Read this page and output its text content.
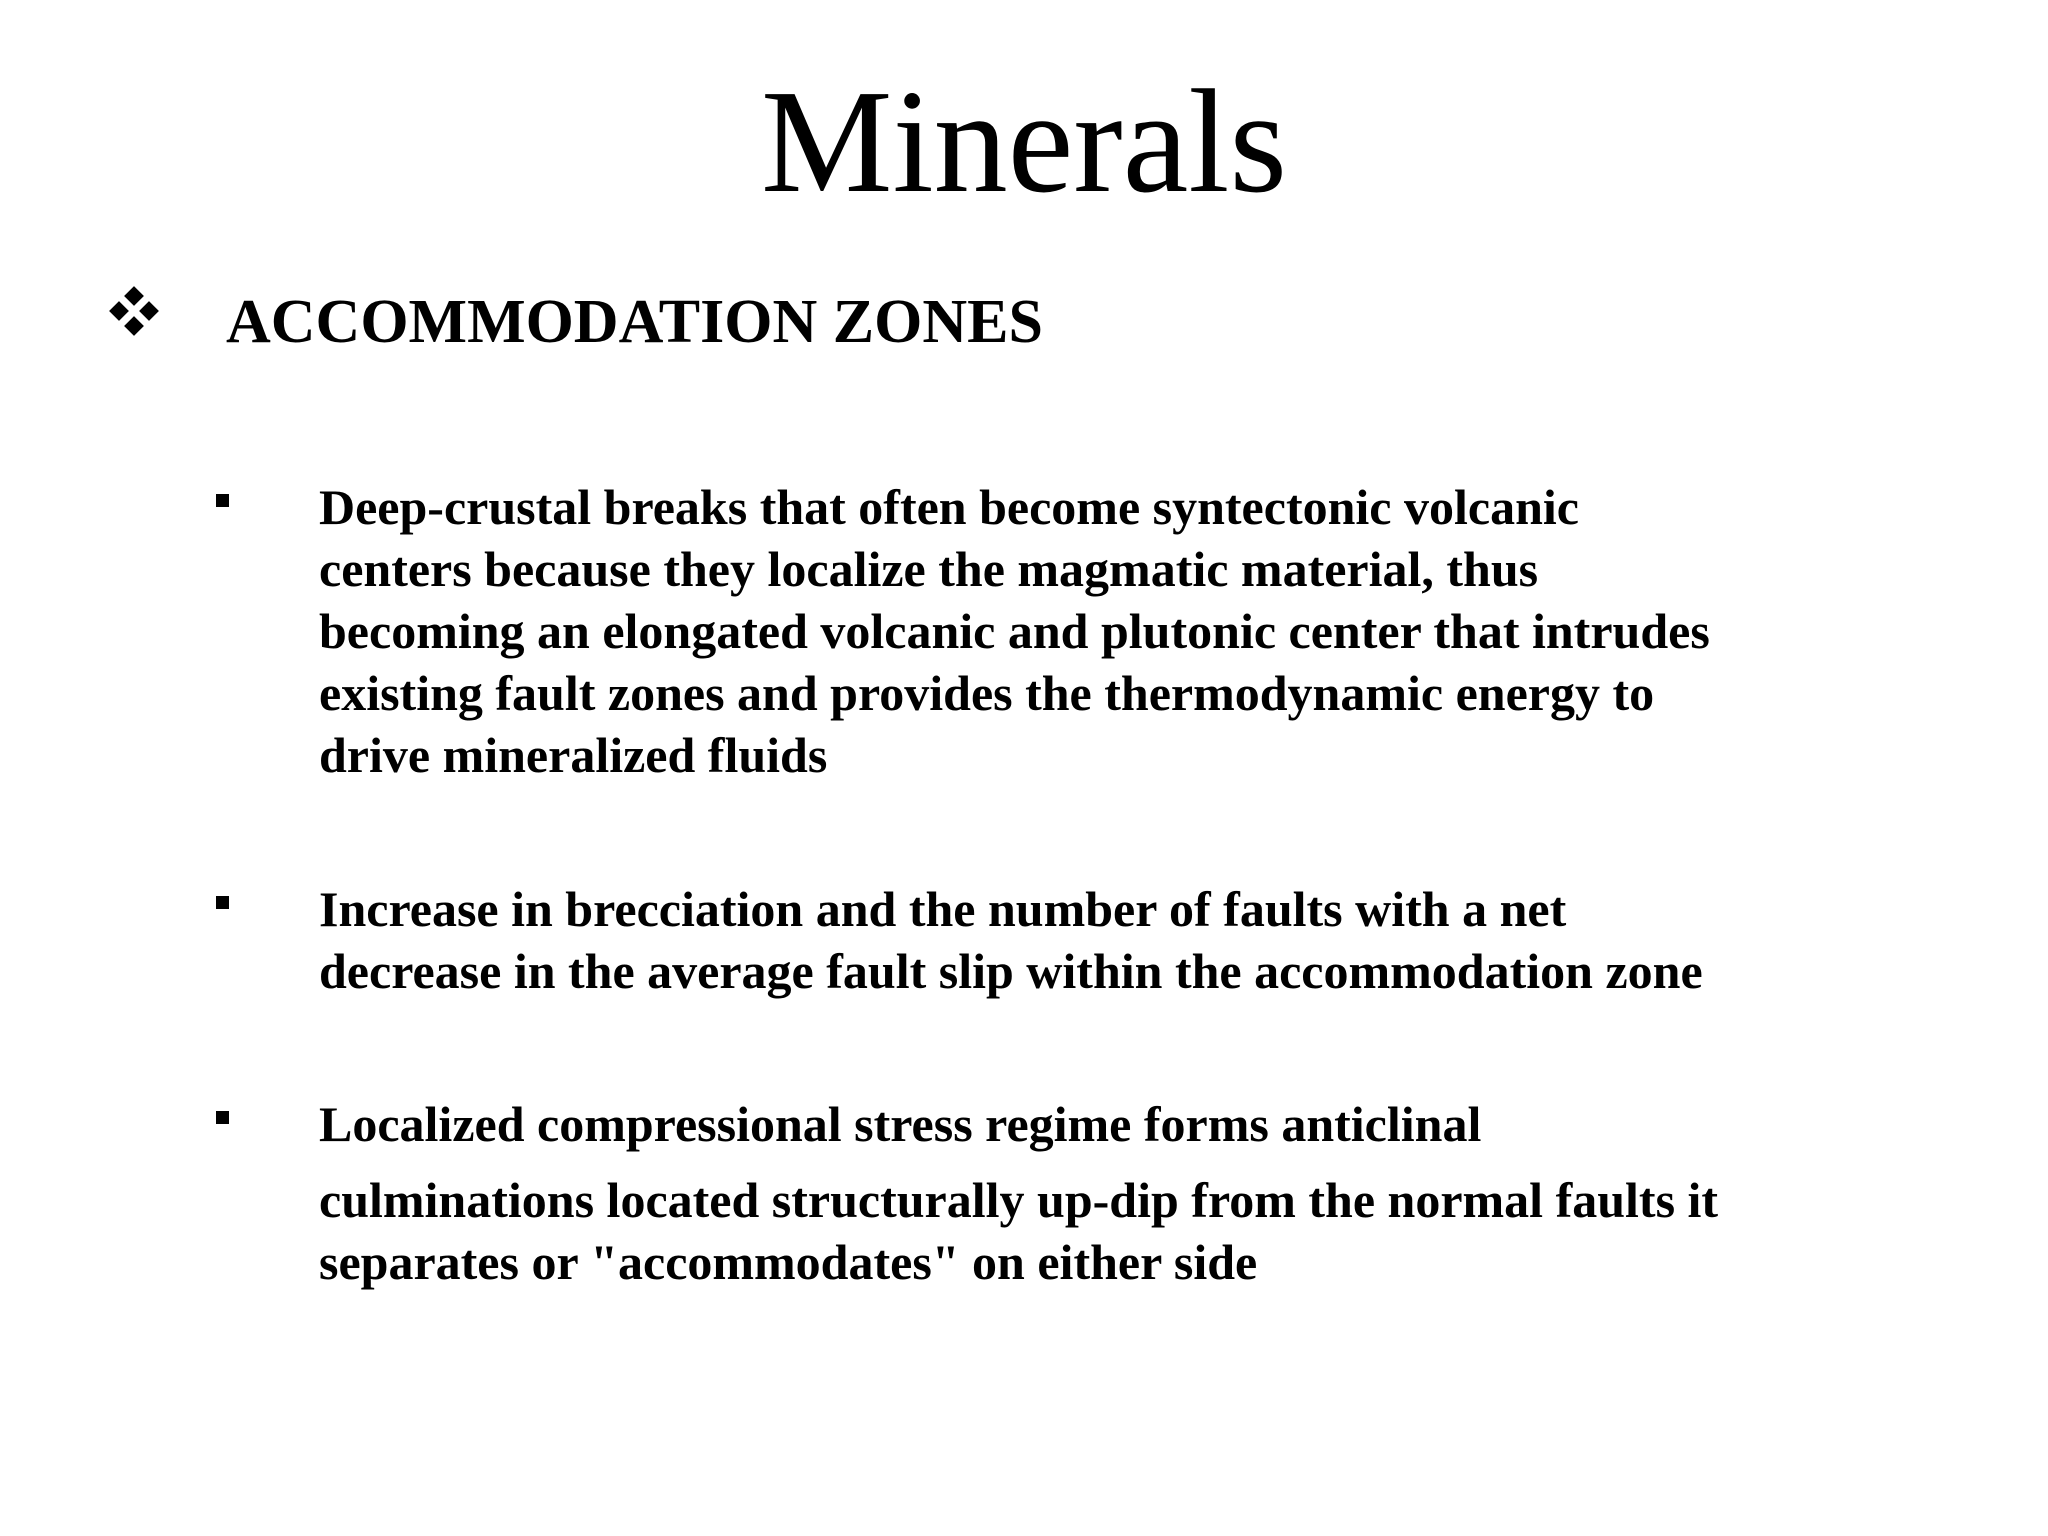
Minerals
ACCOMMODATION ZONES
Deep-crustal breaks that often become syntectonic volcanic
centers because they localize the magmatic material, thus
becoming an elongated volcanic and plutonic center that intrudes
existing fault zones and provides the thermodynamic energy to
drive mineralized fluids
Increase in brecciation and the number of faults with a net
decrease in the average fault slip within the accommodation zone
Localized compressional stress regime forms anticlinal
culminations located structurally up-dip from the normal faults it
separates or "accommodates" on either side
